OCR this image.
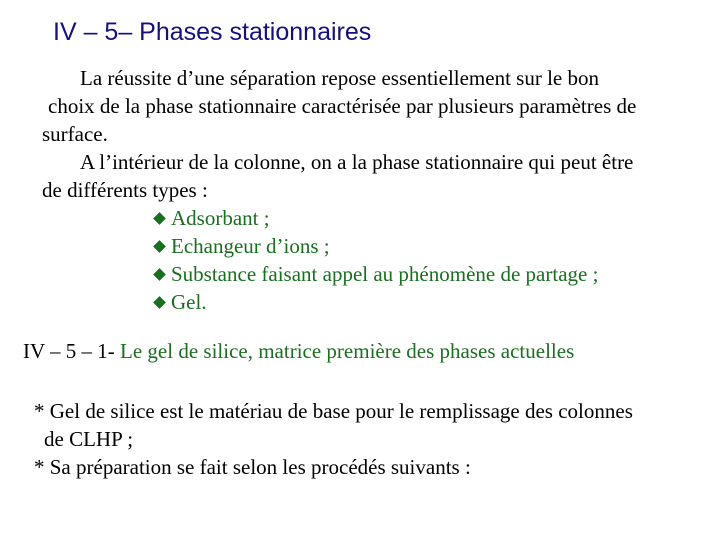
IV – 5– Phases stationnaires
La réussite d’une séparation repose essentiellement sur le bon
choix de la phase stationnaire caractérisée par plusieurs paramètres de
surface.
A l’intérieur de la colonne, on a la phase stationnaire qui peut être
de différents types :
Adsorbant ;
Echangeur d’ions ;
Substance faisant appel au phénomène de partage ;
Gel.
IV – 5 – 1- Le gel de silice, matrice première des phases actuelles
* Gel de silice est le matériau de base pour le remplissage des colonnes
de CLHP ;
* Sa préparation se fait selon les procédés suivants :
